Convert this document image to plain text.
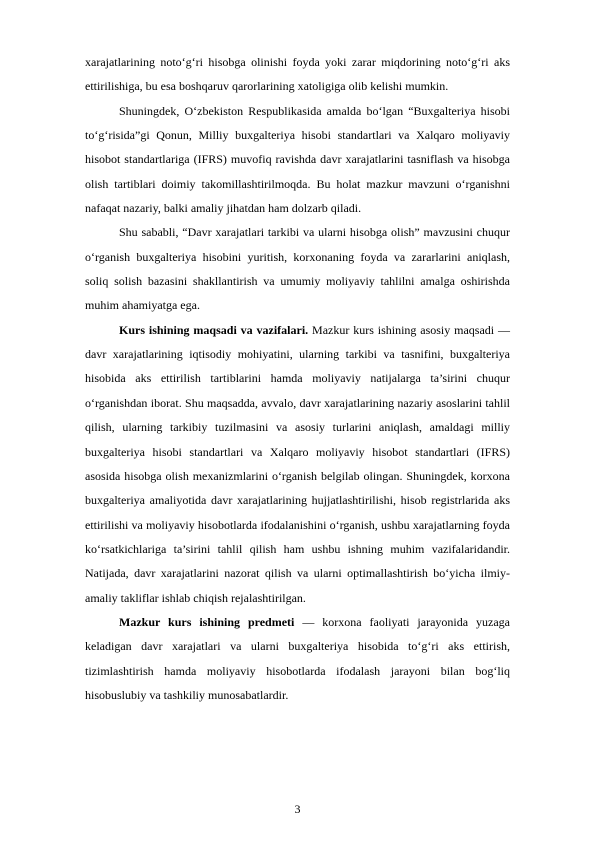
xarajatlarining noto‘g‘ri hisobga olinishi foyda yoki zarar miqdorining noto‘g‘ri aks ettirilishiga, bu esa boshqaruv qarorlarining xatoligiga olib kelishi mumkin.

Shuningdek, O‘zbekiston Respublikasida amalda bo‘lgan “Buxgalteriya hisobi to‘g‘risida”gi Qonun, Milliy buxgalteriya hisobi standartlari va Xalqaro moliyaviy hisobot standartlariga (IFRS) muvofiq ravishda davr xarajatlarini tasniflash va hisobga olish tartiblari doimiy takomillashtirilmoqda. Bu holat mazkur mavzuni o‘rganishni nafaqat nazariy, balki amaliy jihatdan ham dolzarb qiladi.

Shu sababli, “Davr xarajatlari tarkibi va ularni hisobga olish” mavzusini chuqur o‘rganish buxgalteriya hisobini yuritish, korxonaning foyda va zararlarini aniqlash, soliq solish bazasini shakllantirish va umumiy moliyaviy tahlilni amalga oshirishda muhim ahamiyatga ega.

Kurs ishining maqsadi va vazifalari. Mazkur kurs ishining asosiy maqsadi — davr xarajatlarining iqtisodiy mohiyatini, ularning tarkibi va tasnifini, buxgalteriya hisobida aks ettirilish tartiblarini hamda moliyaviy natijalarga ta’sirini chuqur o‘rganishdan iborat. Shu maqsadda, avvalo, davr xarajatlarining nazariy asoslarini tahlil qilish, ularning tarkibiy tuzilmasini va asosiy turlarini aniqlash, amaldagi milliy buxgalteriya hisobi standartlari va Xalqaro moliyaviy hisobot standartlari (IFRS) asosida hisobga olish mexanizmlarini o‘rganish belgilab olingan. Shuningdek, korxona buxgalteriya amaliyotida davr xarajatlarining hujjatlashtirilishi, hisob registrlarida aks ettirilishi va moliyaviy hisobotlarda ifodalanishini o‘rganish, ushbu xarajatlarning foyda ko‘rsatkichlariga ta’sirini tahlil qilish ham ushbu ishning muhim vazifalaridandir. Natijada, davr xarajatlarini nazorat qilish va ularni optimallashtirish bo‘yicha ilmiy-amaliy takliflar ishlab chiqish rejalashtirilgan.

Mazkur kurs ishining predmeti — korxona faoliyati jarayonida yuzaga keladigan davr xarajatlari va ularni buxgalteriya hisobida to‘g‘ri aks ettirish, tizimlashtirish hamda moliyaviy hisobotlarda ifodalash jarayoni bilan bog‘liq hisobuslubiy va tashkiliy munosabatlardir.

3
